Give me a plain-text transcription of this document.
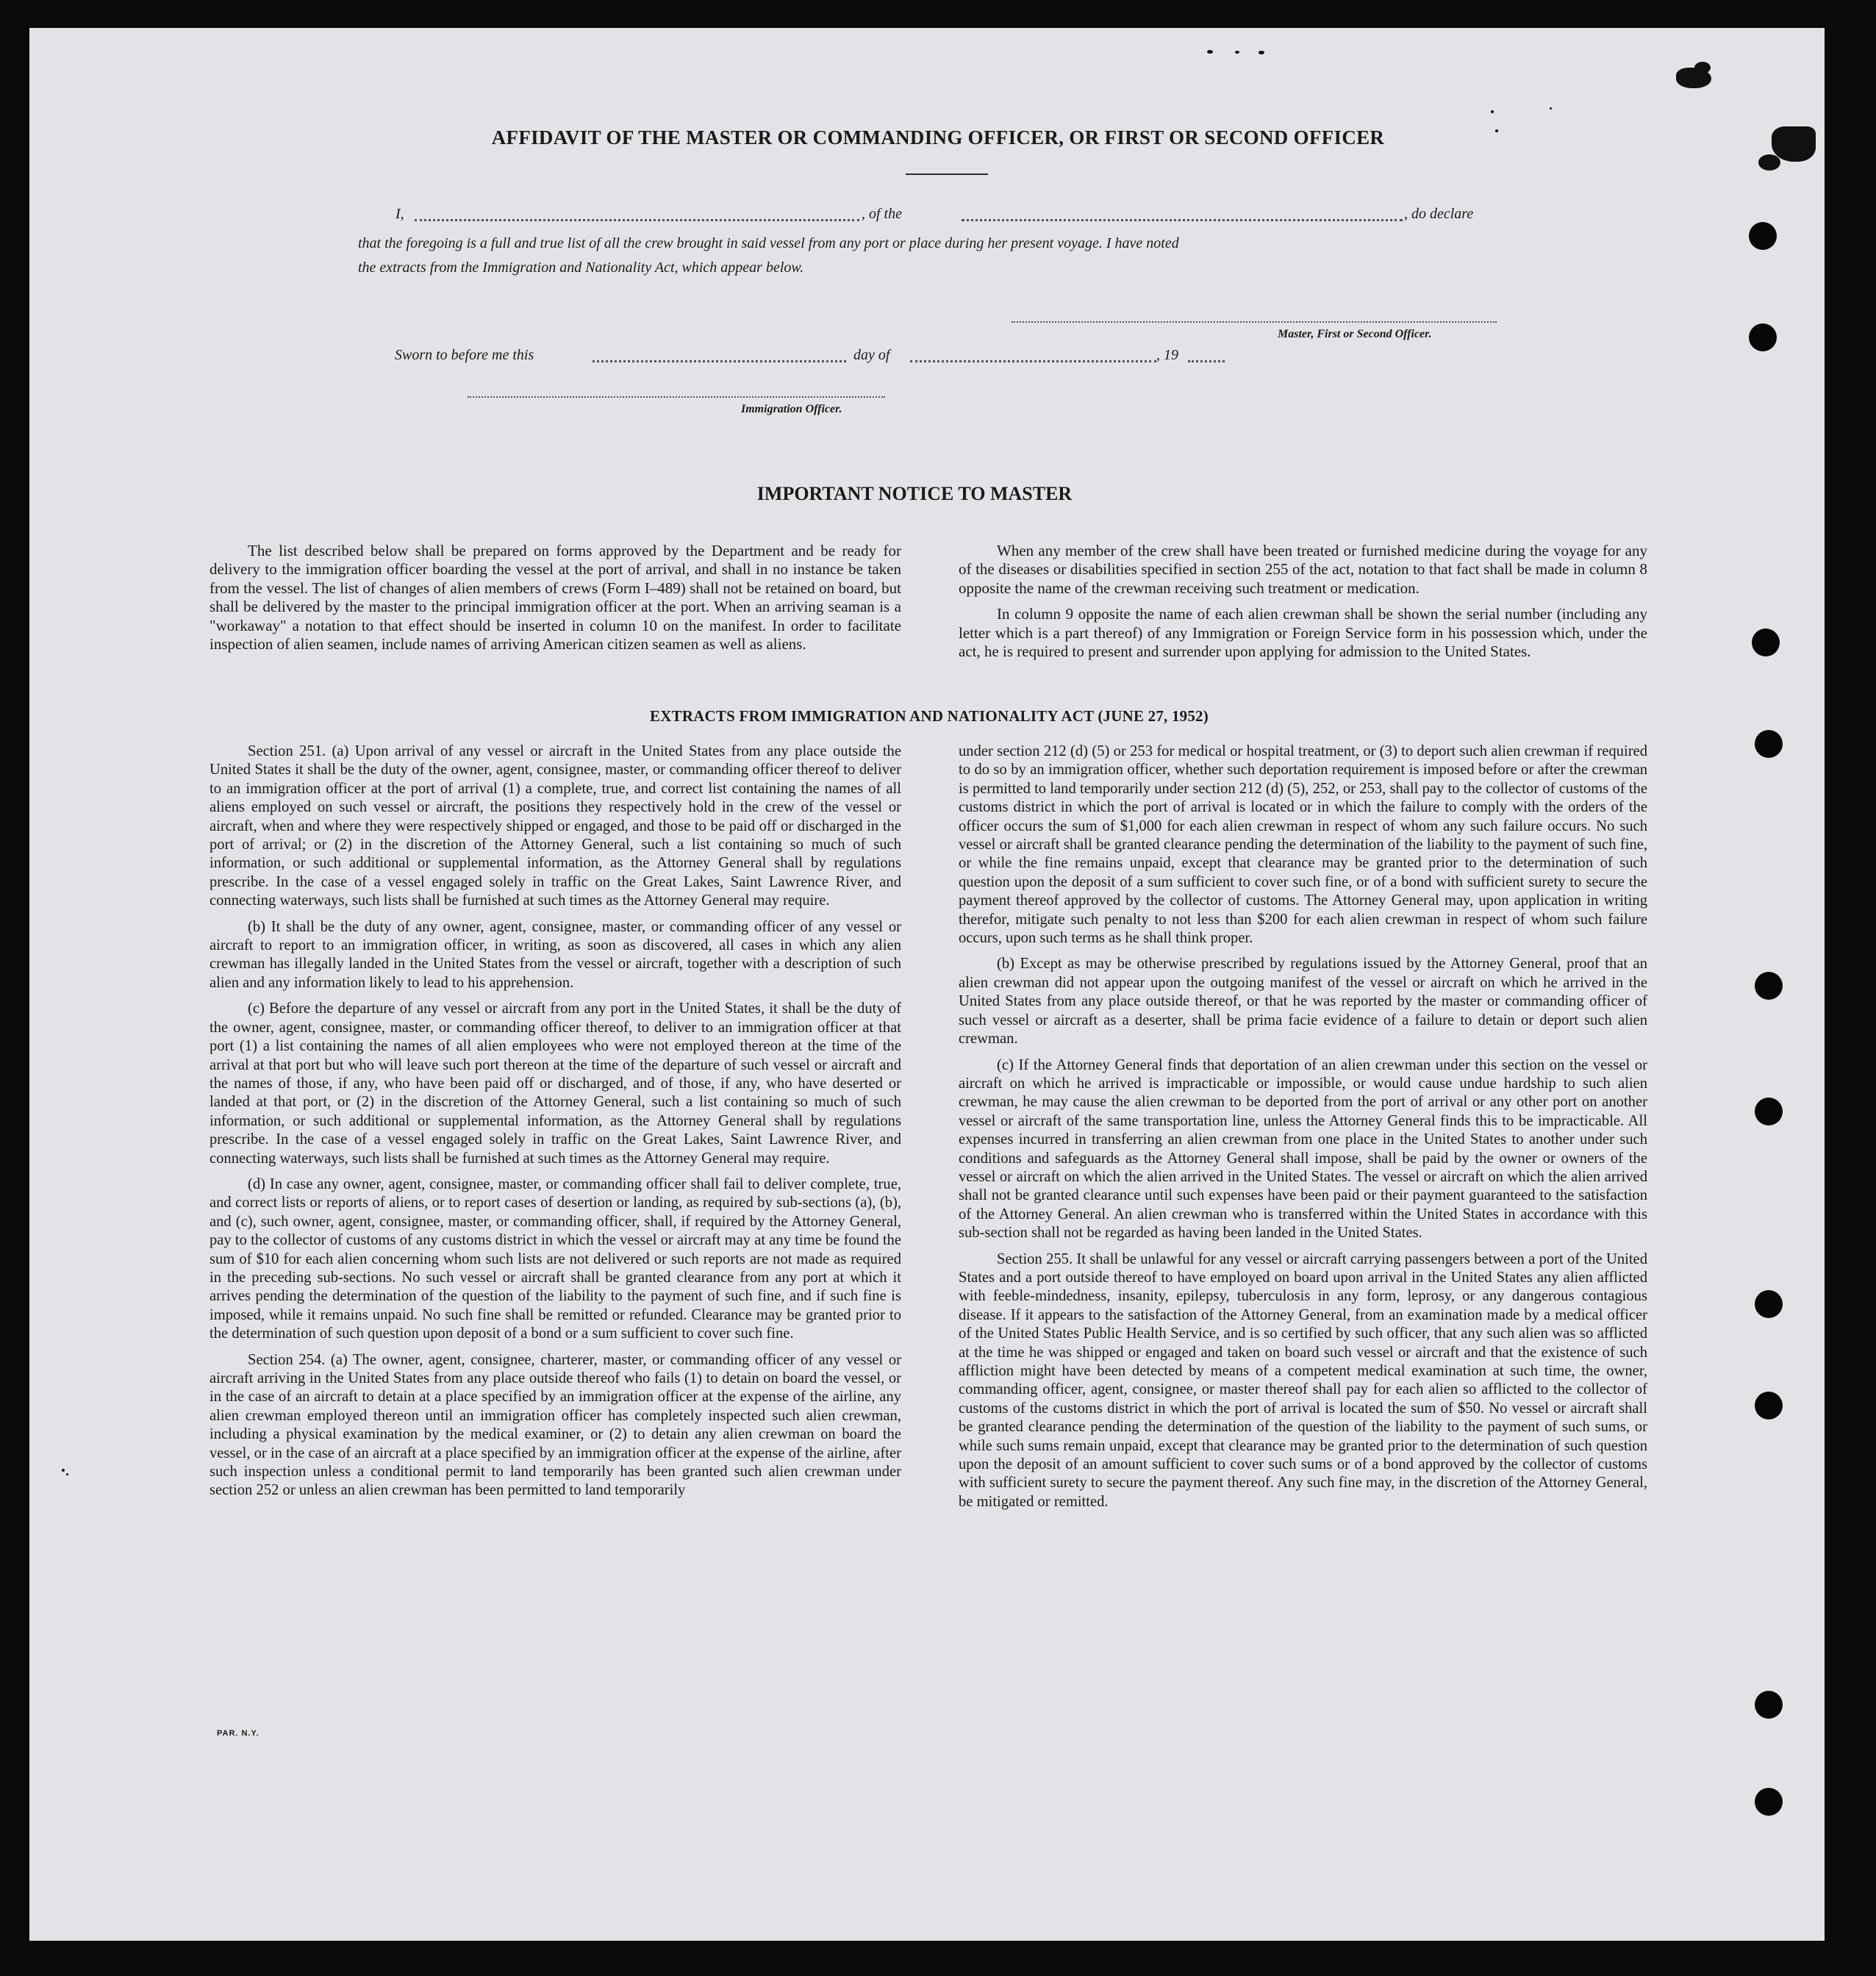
AFFIDAVIT OF THE MASTER OR COMMANDING OFFICER, OR FIRST OR SECOND OFFICER
I,	, of the	, do declare
that the foregoing is a full and true list of all the crew brought in said vessel from any port or place during her present voyage. I have noted
the extracts from the Immigration and Nationality Act, which appear below.
Master, First or Second Officer.
Sworn to before me this	day of	, 19
Immigration Officer.
IMPORTANT NOTICE TO MASTER

The list described below shall be prepared on forms approved by the Department and be ready for delivery to the immigration officer boarding the vessel at the port of arrival, and shall in no instance be taken from the vessel. The list of changes of alien members of crews (Form I–489) shall not be retained on board, but shall be delivered by the master to the principal immigration officer at the port. When an arriving seaman is a "workaway" a notation to that effect should be inserted in column 10 on the manifest. In order to facilitate inspection of alien seamen, include names of arriving American citizen seamen as well as aliens.

When any member of the crew shall have been treated or furnished medicine during the voyage for any of the diseases or disabilities specified in section 255 of the act, notation to that fact shall be made in column 8 opposite the name of the crewman receiving such treatment or medication.

In column 9 opposite the name of each alien crewman shall be shown the serial number (including any letter which is a part thereof) of any Immigration or Foreign Service form in his possession which, under the act, he is required to present and surrender upon applying for admission to the United States.

EXTRACTS FROM IMMIGRATION AND NATIONALITY ACT (JUNE 27, 1952)

Section 251. (a) Upon arrival of any vessel or aircraft in the United States from any place outside the United States it shall be the duty of the owner, agent, consignee, master, or commanding officer thereof to deliver to an immigration officer at the port of arrival (1) a complete, true, and correct list containing the names of all aliens employed on such vessel or aircraft, the positions they respectively hold in the crew of the vessel or aircraft, when and where they were respectively shipped or engaged, and those to be paid off or discharged in the port of arrival; or (2) in the discretion of the Attorney General, such a list containing so much of such information, or such additional or supplemental information, as the Attorney General shall by regulations prescribe. In the case of a vessel engaged solely in traffic on the Great Lakes, Saint Lawrence River, and connecting waterways, such lists shall be furnished at such times as the Attorney General may require.

(b) It shall be the duty of any owner, agent, consignee, master, or commanding officer of any vessel or aircraft to report to an immigration officer, in writing, as soon as discovered, all cases in which any alien crewman has illegally landed in the United States from the vessel or aircraft, together with a description of such alien and any information likely to lead to his apprehension.

(c) Before the departure of any vessel or aircraft from any port in the United States, it shall be the duty of the owner, agent, consignee, master, or commanding officer thereof, to deliver to an immigration officer at that port (1) a list containing the names of all alien employees who were not employed thereon at the time of the arrival at that port but who will leave such port thereon at the time of the departure of such vessel or aircraft and the names of those, if any, who have been paid off or discharged, and of those, if any, who have deserted or landed at that port, or (2) in the discretion of the Attorney General, such a list containing so much of such information, or such additional or supplemental information, as the Attorney General shall by regulations prescribe. In the case of a vessel engaged solely in traffic on the Great Lakes, Saint Lawrence River, and connecting waterways, such lists shall be furnished at such times as the Attorney General may require.

(d) In case any owner, agent, consignee, master, or commanding officer shall fail to deliver complete, true, and correct lists or reports of aliens, or to report cases of desertion or landing, as required by sub-sections (a), (b), and (c), such owner, agent, consignee, master, or commanding officer, shall, if required by the Attorney General, pay to the collector of customs of any customs district in which the vessel or aircraft may at any time be found the sum of $10 for each alien concerning whom such lists are not delivered or such reports are not made as required in the preceding sub-sections. No such vessel or aircraft shall be granted clearance from any port at which it arrives pending the determination of the question of the liability to the payment of such fine, and if such fine is imposed, while it remains unpaid. No such fine shall be remitted or refunded. Clearance may be granted prior to the determination of such question upon deposit of a bond or a sum sufficient to cover such fine.

Section 254. (a) The owner, agent, consignee, charterer, master, or commanding officer of any vessel or aircraft arriving in the United States from any place outside thereof who fails (1) to detain on board the vessel, or in the case of an aircraft to detain at a place specified by an immigration officer at the expense of the airline, any alien crewman employed thereon until an immigration officer has completely inspected such alien crewman, including a physical examination by the medical examiner, or (2) to detain any alien crewman on board the vessel, or in the case of an aircraft at a place specified by an immigration officer at the expense of the airline, after such inspection unless a conditional permit to land temporarily has been granted such alien crewman under section 252 or unless an alien crewman has been permitted to land temporarily

under section 212 (d) (5) or 253 for medical or hospital treatment, or (3) to deport such alien crewman if required to do so by an immigration officer, whether such deportation requirement is imposed before or after the crewman is permitted to land temporarily under section 212 (d) (5), 252, or 253, shall pay to the collector of customs of the customs district in which the port of arrival is located or in which the failure to comply with the orders of the officer occurs the sum of $1,000 for each alien crewman in respect of whom any such failure occurs. No such vessel or aircraft shall be granted clearance pending the determination of the liability to the payment of such fine, or while the fine remains unpaid, except that clearance may be granted prior to the determination of such question upon the deposit of a sum sufficient to cover such fine, or of a bond with sufficient surety to secure the payment thereof approved by the collector of customs. The Attorney General may, upon application in writing therefor, mitigate such penalty to not less than $200 for each alien crewman in respect of whom such failure occurs, upon such terms as he shall think proper.

(b) Except as may be otherwise prescribed by regulations issued by the Attorney General, proof that an alien crewman did not appear upon the outgoing manifest of the vessel or aircraft on which he arrived in the United States from any place outside thereof, or that he was reported by the master or commanding officer of such vessel or aircraft as a deserter, shall be prima facie evidence of a failure to detain or deport such alien crewman.

(c) If the Attorney General finds that deportation of an alien crewman under this section on the vessel or aircraft on which he arrived is impracticable or impossible, or would cause undue hardship to such alien crewman, he may cause the alien crewman to be deported from the port of arrival or any other port on another vessel or aircraft of the same transportation line, unless the Attorney General finds this to be impracticable. All expenses incurred in transferring an alien crewman from one place in the United States to another under such conditions and safeguards as the Attorney General shall impose, shall be paid by the owner or owners of the vessel or aircraft on which the alien arrived in the United States. The vessel or aircraft on which the alien arrived shall not be granted clearance until such expenses have been paid or their payment guaranteed to the satisfaction of the Attorney General. An alien crewman who is transferred within the United States in accordance with this sub-section shall not be regarded as having been landed in the United States.

Section 255. It shall be unlawful for any vessel or aircraft carrying passengers between a port of the United States and a port outside thereof to have employed on board upon arrival in the United States any alien afflicted with feeble-mindedness, insanity, epilepsy, tuberculosis in any form, leprosy, or any dangerous contagious disease. If it appears to the satisfaction of the Attorney General, from an examination made by a medical officer of the United States Public Health Service, and is so certified by such officer, that any such alien was so afflicted at the time he was shipped or engaged and taken on board such vessel or aircraft and that the existence of such affliction might have been detected by means of a competent medical examination at such time, the owner, commanding officer, agent, consignee, or master thereof shall pay for each alien so afflicted to the collector of customs of the customs district in which the port of arrival is located the sum of $50. No vessel or aircraft shall be granted clearance pending the determination of the question of the liability to the payment of such sums, or while such sums remain unpaid, except that clearance may be granted prior to the determination of such question upon the deposit of an amount sufficient to cover such sums or of a bond approved by the collector of customs with sufficient surety to secure the payment thereof. Any such fine may, in the discretion of the Attorney General, be mitigated or remitted.

PAR. N.Y.
